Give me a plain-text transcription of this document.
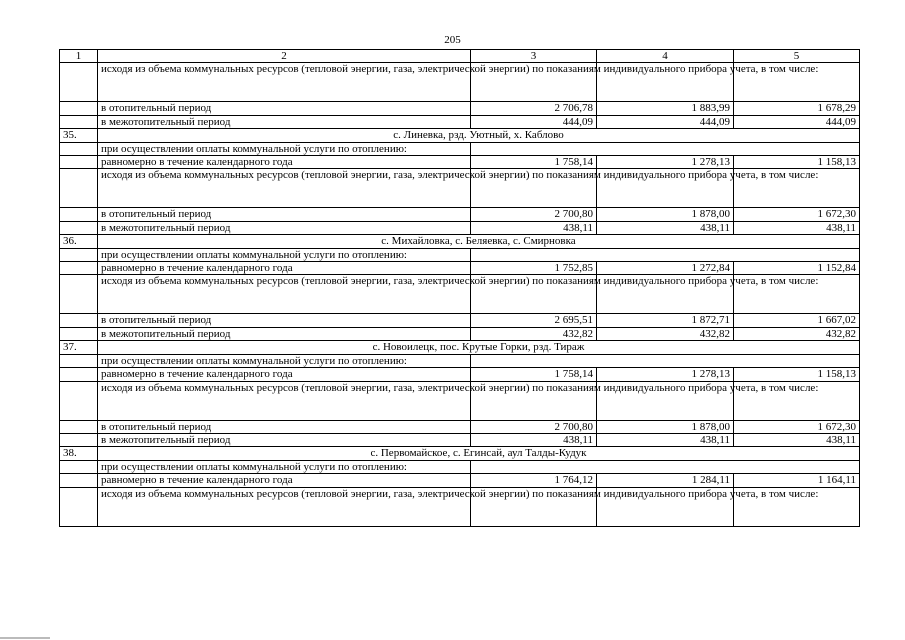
205
1	2	3	4	5
	исходя из объема коммунальных ресурсов (тепловой энергии, газа, электрической энергии) по показаниям индивидуального прибора учета, в том числе:			
	в отопительный период	2 706,78	1 883,99	1 678,29
	в межотопительный период	444,09	444,09	444,09
35.	с. Линевка, рзд. Уютный, х. Каблово			
	при осуществлении оплаты коммунальной услуги по отоплению:			
	равномерно в течение календарного года	1 758,14	1 278,13	1 158,13
	исходя из объема коммунальных ресурсов (тепловой энергии, газа, электрической энергии) по показаниям индивидуального прибора учета, в том числе:			
	в отопительный период	2 700,80	1 878,00	1 672,30
	в межотопительный период	438,11	438,11	438,11
36.	с. Михайловка, с. Беляевка, с. Смирновка			
	при осуществлении оплаты коммунальной услуги по отоплению:			
	равномерно в течение календарного года	1 752,85	1 272,84	1 152,84
	исходя из объема коммунальных ресурсов (тепловой энергии, газа, электрической энергии) по показаниям индивидуального прибора учета, в том числе:			
	в отопительный период	2 695,51	1 872,71	1 667,02
	в межотопительный период	432,82	432,82	432,82
37.	с. Новоилецк, пос. Крутые Горки, рзд. Тираж			
	при осуществлении оплаты коммунальной услуги по отоплению:			
	равномерно в течение календарного года	1 758,14	1 278,13	1 158,13
	исходя из объема коммунальных ресурсов (тепловой энергии, газа, электрической энергии) по показаниям индивидуального прибора учета, в том числе:			
	в отопительный период	2 700,80	1 878,00	1 672,30
	в межотопительный период	438,11	438,11	438,11
38.	с. Первомайское, с. Егинсай, аул Талды-Кудук			
	при осуществлении оплаты коммунальной услуги по отоплению:			
	равномерно в течение календарного года	1 764,12	1 284,11	1 164,11
	исходя из объема коммунальных ресурсов (тепловой энергии, газа, электрической энергии) по показаниям индивидуального прибора учета, в том числе:			
